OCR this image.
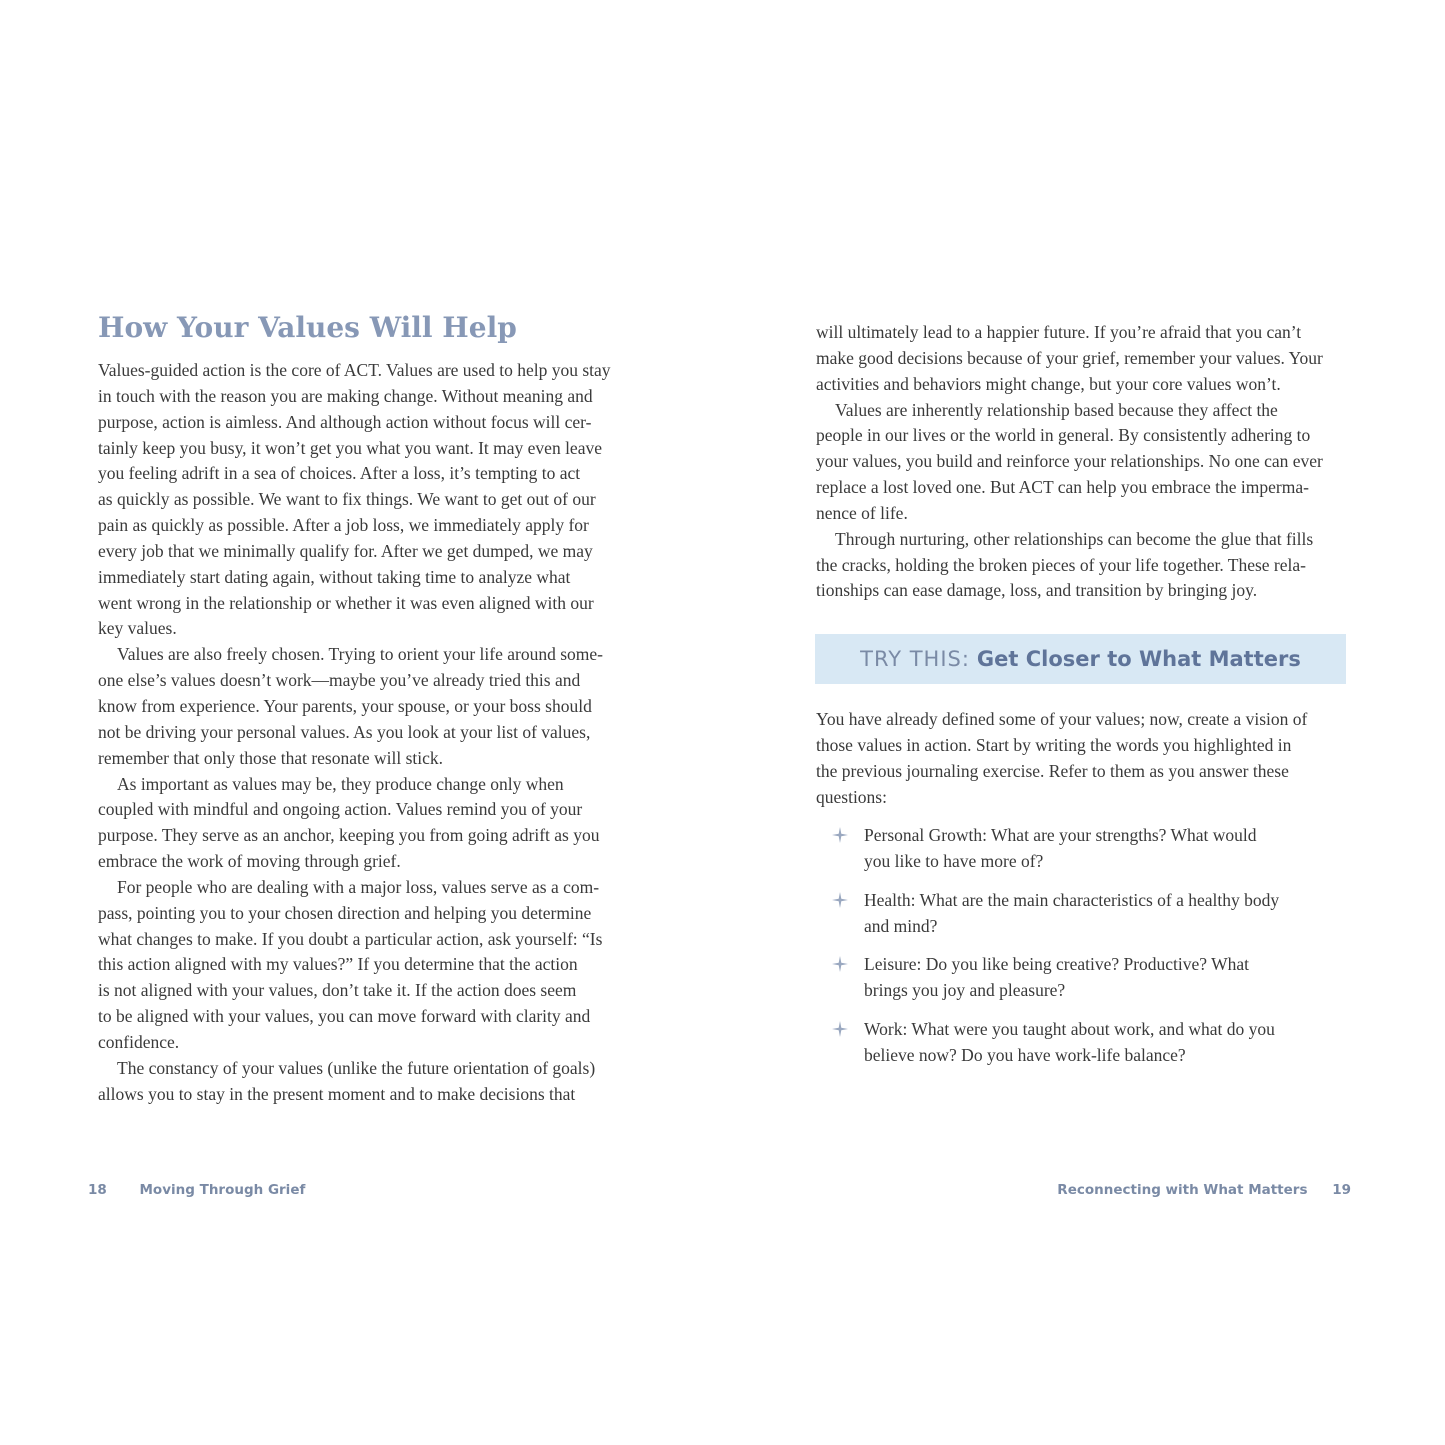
How Your Values Will Help
Values-guided action is the core of ACT. Values are used to help you stay
in touch with the reason you are making change. Without meaning and
purpose, action is aimless. And although action without focus will cer-
tainly keep you busy, it won’t get you what you want. It may even leave
you feeling adrift in a sea of choices. After a loss, it’s tempting to act
as quickly as possible. We want to fix things. We want to get out of our
pain as quickly as possible. After a job loss, we immediately apply for
every job that we minimally qualify for. After we get dumped, we may
immediately start dating again, without taking time to analyze what
went wrong in the relationship or whether it was even aligned with our
key values.
Values are also freely chosen. Trying to orient your life around some-
one else’s values doesn’t work—maybe you’ve already tried this and
know from experience. Your parents, your spouse, or your boss should
not be driving your personal values. As you look at your list of values,
remember that only those that resonate will stick.
As important as values may be, they produce change only when
coupled with mindful and ongoing action. Values remind you of your
purpose. They serve as an anchor, keeping you from going adrift as you
embrace the work of moving through grief.
For people who are dealing with a major loss, values serve as a com-
pass, pointing you to your chosen direction and helping you determine
what changes to make. If you doubt a particular action, ask yourself: “Is
this action aligned with my values?” If you determine that the action
is not aligned with your values, don’t take it. If the action does seem
to be aligned with your values, you can move forward with clarity and
confidence.
The constancy of your values (unlike the future orientation of goals)
allows you to stay in the present moment and to make decisions that
18 Moving Through Grief
will ultimately lead to a happier future. If you’re afraid that you can’t
make good decisions because of your grief, remember your values. Your
activities and behaviors might change, but your core values won’t.
Values are inherently relationship based because they affect the
people in our lives or the world in general. By consistently adhering to
your values, you build and reinforce your relationships. No one can ever
replace a lost loved one. But ACT can help you embrace the imperma-
nence of life.
Through nurturing, other relationships can become the glue that fills
the cracks, holding the broken pieces of your life together. These rela-
tionships can ease damage, loss, and transition by bringing joy.
TRY THIS: Get Closer to What Matters
You have already defined some of your values; now, create a vision of
those values in action. Start by writing the words you highlighted in
the previous journaling exercise. Refer to them as you answer these
questions:
Personal Growth: What are your strengths? What would
you like to have more of?
Health: What are the main characteristics of a healthy body
and mind?
Leisure: Do you like being creative? Productive? What
brings you joy and pleasure?
Work: What were you taught about work, and what do you
believe now? Do you have work-life balance?
Reconnecting with What Matters 19
